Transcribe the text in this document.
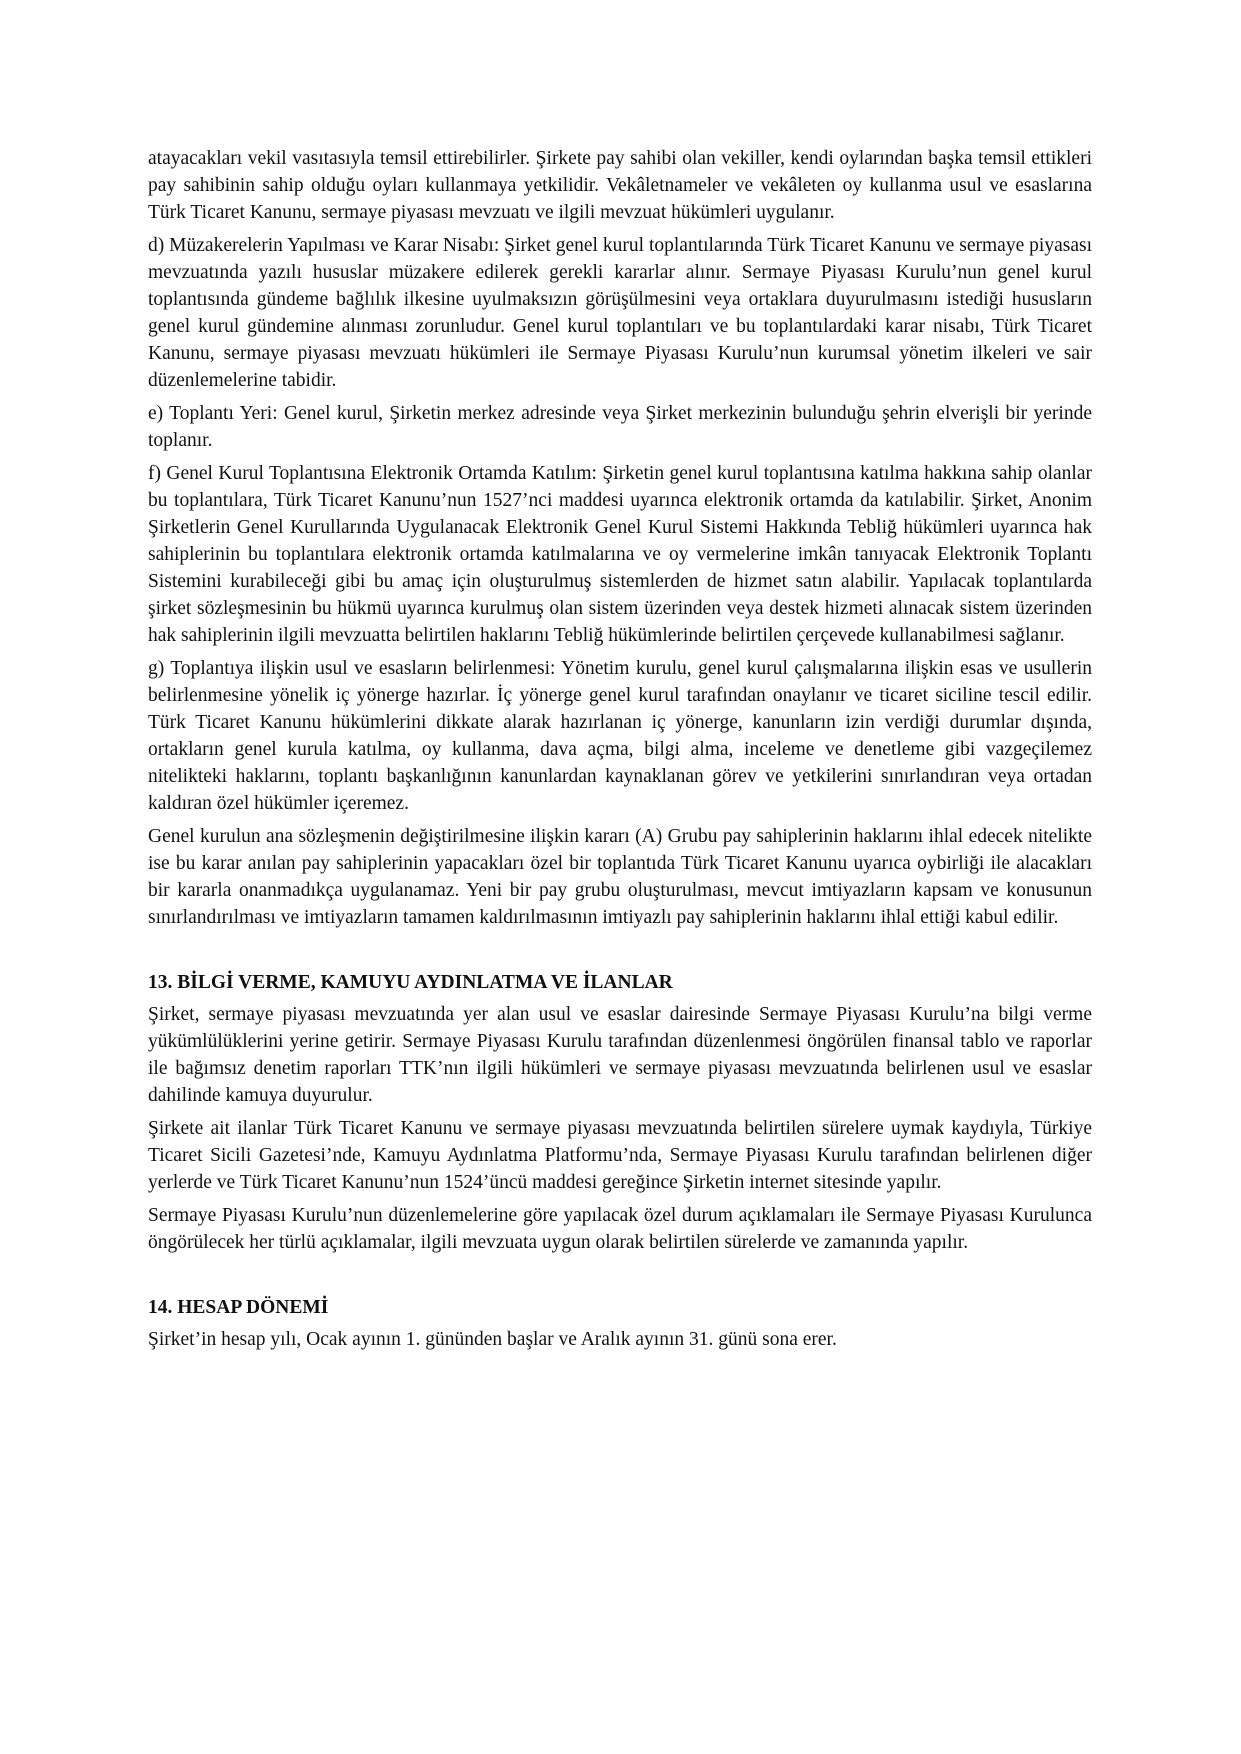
atayacakları vekil vasıtasıyla temsil ettirebilirler. Şirkete pay sahibi olan vekiller, kendi oylarından başka temsil ettikleri pay sahibinin sahip olduğu oyları kullanmaya yetkilidir. Vekâletnameler ve vekâleten oy kullanma usul ve esaslarına Türk Ticaret Kanunu, sermaye piyasası mevzuatı ve ilgili mevzuat hükümleri uygulanır.

d) Müzakerelerin Yapılması ve Karar Nisabı: Şirket genel kurul toplantılarında Türk Ticaret Kanunu ve sermaye piyasası mevzuatında yazılı hususlar müzakere edilerek gerekli kararlar alınır. Sermaye Piyasası Kurulu’nun genel kurul toplantısında gündeme bağlılık ilkesine uyulmaksızın görüşülmesini veya ortaklara duyurulmasını istediği hususların genel kurul gündemine alınması zorunludur. Genel kurul toplantıları ve bu toplantılardaki karar nisabı, Türk Ticaret Kanunu, sermaye piyasası mevzuatı hükümleri ile Sermaye Piyasası Kurulu’nun kurumsal yönetim ilkeleri ve sair düzenlemelerine tabidir.

e) Toplantı Yeri: Genel kurul, Şirketin merkez adresinde veya Şirket merkezinin bulunduğu şehrin elverişli bir yerinde toplanır.

f) Genel Kurul Toplantısına Elektronik Ortamda Katılım: Şirketin genel kurul toplantısına katılma hakkına sahip olanlar bu toplantılara, Türk Ticaret Kanunu’nun 1527’nci maddesi uyarınca elektronik ortamda da katılabilir. Şirket, Anonim Şirketlerin Genel Kurullarında Uygulanacak Elektronik Genel Kurul Sistemi Hakkında Tebliğ hükümleri uyarınca hak sahiplerinin bu toplantılara elektronik ortamda katılmalarına ve oy vermelerine imkân tanıyacak Elektronik Toplantı Sistemini kurabileceği gibi bu amaç için oluşturulmuş sistemlerden de hizmet satın alabilir. Yapılacak toplantılarda şirket sözleşmesinin bu hükmü uyarınca kurulmuş olan sistem üzerinden veya destek hizmeti alınacak sistem üzerinden hak sahiplerinin ilgili mevzuatta belirtilen haklarını Tebliğ hükümlerinde belirtilen çerçevede kullanabilmesi sağlanır.

g) Toplantıya ilişkin usul ve esasların belirlenmesi: Yönetim kurulu, genel kurul çalışmalarına ilişkin esas ve usullerin belirlenmesine yönelik iç yönerge hazırlar. İç yönerge genel kurul tarafından onaylanır ve ticaret siciline tescil edilir. Türk Ticaret Kanunu hükümlerini dikkate alarak hazırlanan iç yönerge, kanunların izin verdiği durumlar dışında, ortakların genel kurula katılma, oy kullanma, dava açma, bilgi alma, inceleme ve denetleme gibi vazgeçilemez nitelikteki haklarını, toplantı başkanlığının kanunlardan kaynaklanan görev ve yetkilerini sınırlandıran veya ortadan kaldıran özel hükümler içeremez.

Genel kurulun ana sözleşmenin değiştirilmesine ilişkin kararı (A) Grubu pay sahiplerinin haklarını ihlal edecek nitelikte ise bu karar anılan pay sahiplerinin yapacakları özel bir toplantıda Türk Ticaret Kanunu uyarıca oybirliği ile alacakları bir kararla onanmadıkça uygulanamaz. Yeni bir pay grubu oluşturulması, mevcut imtiyazların kapsam ve konusunun sınırlandırılması ve imtiyazların tamamen kaldırılmasının imtiyazlı pay sahiplerinin haklarını ihlal ettiği kabul edilir.

13. BİLGİ VERME, KAMUYU AYDINLATMA VE İLANLAR

Şirket, sermaye piyasası mevzuatında yer alan usul ve esaslar dairesinde Sermaye Piyasası Kurulu’na bilgi verme yükümlülüklerini yerine getirir. Sermaye Piyasası Kurulu tarafından düzenlenmesi öngörülen finansal tablo ve raporlar ile bağımsız denetim raporları TTK’nın ilgili hükümleri ve sermaye piyasası mevzuatında belirlenen usul ve esaslar dahilinde kamuya duyurulur.

Şirkete ait ilanlar Türk Ticaret Kanunu ve sermaye piyasası mevzuatında belirtilen sürelere uymak kaydıyla, Türkiye Ticaret Sicili Gazetesi’nde, Kamuyu Aydınlatma Platformu’nda, Sermaye Piyasası Kurulu tarafından belirlenen diğer yerlerde ve Türk Ticaret Kanunu’nun 1524’üncü maddesi gereğince Şirketin internet sitesinde yapılır.

Sermaye Piyasası Kurulu’nun düzenlemelerine göre yapılacak özel durum açıklamaları ile Sermaye Piyasası Kurulunca öngörülecek her türlü açıklamalar, ilgili mevzuata uygun olarak belirtilen sürelerde ve zamanında yapılır.

14. HESAP DÖNEMİ

Şirket’in hesap yılı, Ocak ayının 1. gününden başlar ve Aralık ayının 31. günü sona erer.
